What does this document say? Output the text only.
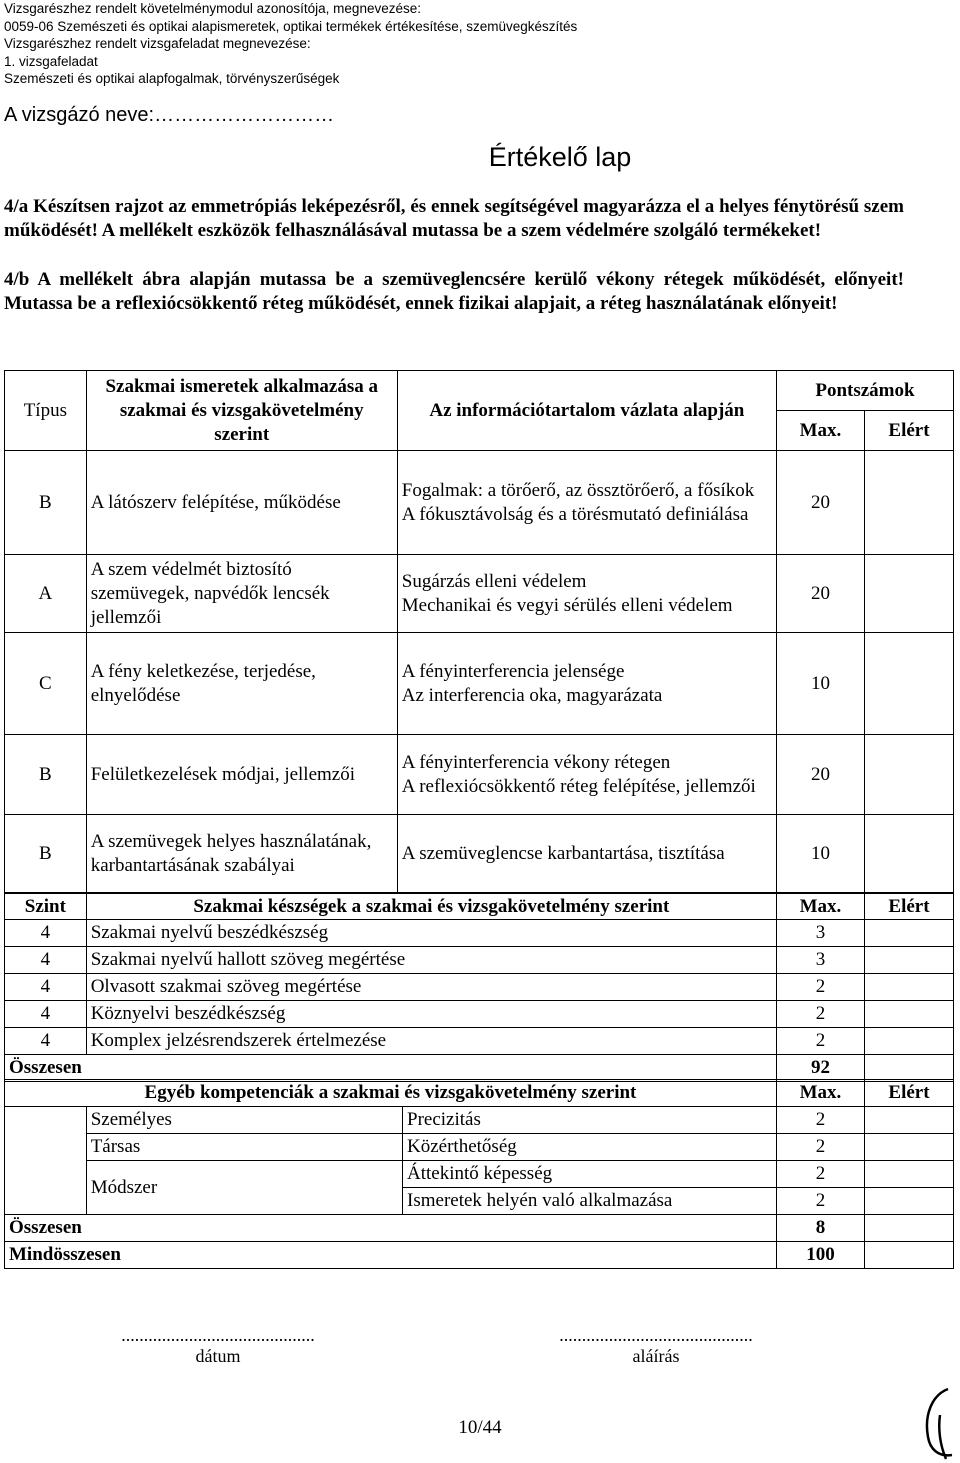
Vizsgarészhez rendelt követelménymodul azonosítója, megnevezése:
0059-06 Szemészeti és optikai alapismeretek, optikai termékek értékesítése, szemüvegkészítés
Vizsgarészhez rendelt vizsgafeladat megnevezése:
1. vizsgafeladat
Szemészeti és optikai alapfogalmak, törvényszerűségek
A vizsgázó neve:………………………
Értékelő lap
4/a Készítsen rajzot az emmetrópiás leképezésről, és ennek segítségével magyarázza el a helyes fénytörésű szem működését! A mellékelt eszközök felhasználásával mutassa be a szem védelmére szolgáló termékeket!
4/b A mellékelt ábra alapján mutassa be a szemüveglencsére kerülő vékony rétegek működését, előnyeit! Mutassa be a reflexiócsökkentő réteg működését, ennek fizikai alapjait, a réteg használatának előnyeit!
Típus	Szakmai ismeretek alkalmazása a szakmai és vizsgakövetelmény szerint	Az információtartalom vázlata alapján	Pontszámok	
			Max.	Elért
B	A látószerv felépítése, működése	Fogalmak: a törőerő, az össztörőerő, a fősíkok
A fókusztávolság és a törésmutató definiálása	20	
A	A szem védelmét biztosító szemüvegek, napvédők lencsék jellemzői	Sugárzás elleni védelem
Mechanikai és vegyi sérülés elleni védelem	20	
C	A fény keletkezése, terjedése, elnyelődése	A fényinterferencia jelensége
Az interferencia oka, magyarázata	10	
B	Felületkezelések módjai, jellemzői	A fényinterferencia vékony rétegen
A reflexiócsökkentő réteg felépítése, jellemzői	20	
B	A szemüvegek helyes használatának, karbantartásának szabályai	A szemüveglencse karbantartása, tisztítása	10	
Szint	Szakmai készségek a szakmai és vizsgakövetelmény szerint	Max.	Elért
4	Szakmai nyelvű beszédkészség	3	
4	Szakmai nyelvű hallott szöveg megértése	3	
4	Olvasott szakmai szöveg megértése	2	
4	Köznyelvi beszédkészség	2	
4	Komplex jelzésrendszerek értelmezése	2	
Összesen		92	
Egyéb kompetenciák a szakmai és vizsgakövetelmény szerint			Max.	Elért
	Személyes	Precizitás	2	
	Társas	Közérthetőség	2	
	Módszer	Áttekintő képesség	2	
		Ismeretek helyén való alkalmazása	2	
Összesen			8	
Mindösszesen			100	
...........................................
dátum
...........................................
aláírás
10/44
